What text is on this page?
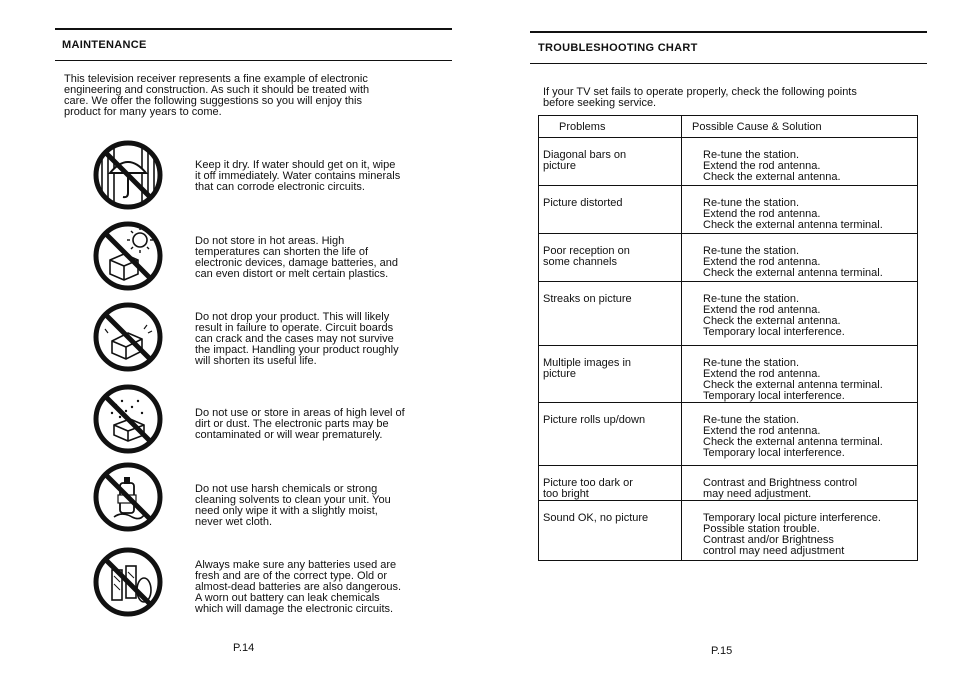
MAINTENANCE
This television receiver represents a fine example of electronic
engineering and construction. As such it should be treated with
care. We offer the following suggestions so you will enjoy this
product for many years to come.
Keep it dry. If water should get on it, wipe
it off immediately. Water contains minerals
that can corrode electronic circuits.
Do not store in hot areas. High
temperatures can shorten the life of
electronic devices, damage batteries, and
can even distort or melt certain plastics.
Do not drop your product. This will likely
result in failure to operate. Circuit boards
can crack and the cases may not survive
the impact. Handling your product roughly
will shorten its useful life.
Do not use or store in areas of high level of
dirt or dust. The electronic parts may be
contaminated or will wear prematurely.
Do not use harsh chemicals or strong
cleaning solvents to clean your unit. You
need only wipe it with a slightly moist,
never wet cloth.
Always make sure any batteries used are
fresh and are of the correct type. Old or
almost-dead batteries are also dangerous.
A worn out battery can leak chemicals
which will damage the electronic circuits.
P.14
TROUBLESHOOTING CHART
If your TV set fails to operate properly, check the following points
before seeking service.
Problems	Possible Cause & Solution
Diagonal bars on
picture	Re-tune the station.
Extend the rod antenna.
Check the external antenna.
Picture distorted	Re-tune the station.
Extend the rod antenna.
Check the external antenna terminal.
Poor reception on
some channels	Re-tune the station.
Extend the rod antenna.
Check the external antenna terminal.
Streaks on picture	Re-tune the station.
Extend the rod antenna.
Check the external antenna.
Temporary local interference.
Multiple images in
picture	Re-tune the station.
Extend the rod antenna.
Check the external antenna terminal.
Temporary local interference.
Picture rolls up/down	Re-tune the station.
Extend the rod antenna.
Check the external antenna terminal.
Temporary local interference.
Picture too dark or
too bright	Contrast and Brightness control
may need adjustment.
Sound OK, no picture	Temporary local picture interference.
Possible station trouble.
Contrast and/or Brightness
control may need adjustment
P.15
